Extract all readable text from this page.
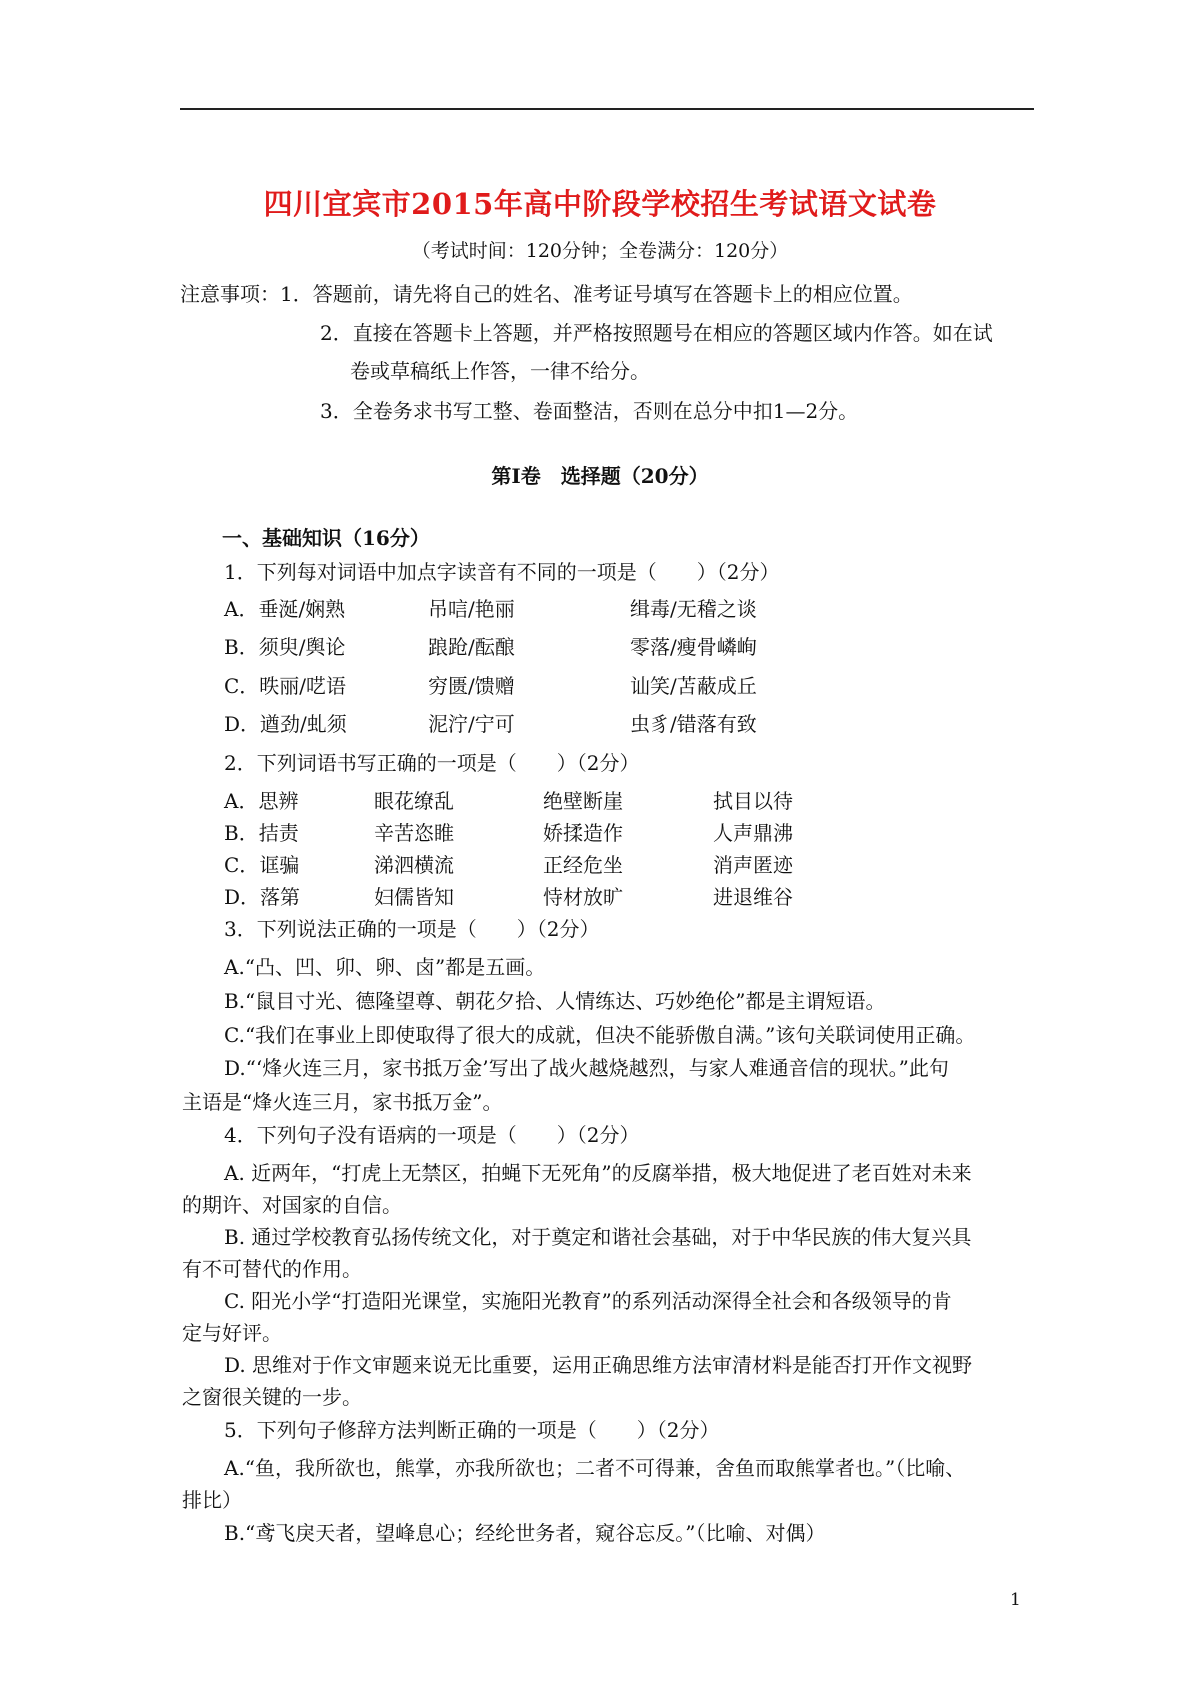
四川宜宾市2015年高中阶段学校招生考试语文试卷
（考试时间：120分钟；全卷满分：120分）
注意事项：1．答题前，请先将自己的姓名、准考证号填写在答题卡上的相应位置。
2．直接在答题卡上答题，并严格按照题号在相应的答题区域内作答。如在试
卷或草稿纸上作答，一律不给分。
3．全卷务求书写工整、卷面整洁，否则在总分中扣1—2分。
第Ⅰ卷　选择题（20分）
一、基础知识（16分）
1．下列每对词语中加点字读音有不同的一项是（　　）（2分）
A．垂涎/娴熟	吊唁/艳丽	缉毒/无稽之谈
B．须臾/舆论	踉跄/酝酿	零落/瘦骨嶙峋
C．昳丽/呓语	穷匮/馈赠	讪笑/苫蔽成丘
D．遒劲/虬须	泥泞/宁可	虫豸/错落有致
2．下列词语书写正确的一项是（　　）（2分）
A．思辨	眼花缭乱	绝壁断崖	拭目以待
B．拮责	辛苦恣睢	娇揉造作	人声鼎沸
C．诓骗	涕泗横流	正经危坐	消声匿迹
D．落第	妇儒皆知	恃材放旷	进退维谷
3．下列说法正确的一项是（　　）（2分）
A.“凸、凹、卯、卵、卤”都是五画。
B.“鼠目寸光、德隆望尊、朝花夕拾、人情练达、巧妙绝伦”都是主谓短语。
C.“我们在事业上即使取得了很大的成就，但决不能骄傲自满。”该句关联词使用正确。
D.“‘烽火连三月，家书抵万金’写出了战火越烧越烈，与家人难通音信的现状。”此句
主语是“烽火连三月，家书抵万金”。
4．下列句子没有语病的一项是（　　）（2分）
A. 近两年，“打虎上无禁区，拍蝇下无死角”的反腐举措，极大地促进了老百姓对未来
的期许、对国家的自信。
B. 通过学校教育弘扬传统文化，对于奠定和谐社会基础，对于中华民族的伟大复兴具
有不可替代的作用。
C. 阳光小学“打造阳光课堂，实施阳光教育”的系列活动深得全社会和各级领导的肯
定与好评。
D. 思维对于作文审题来说无比重要，运用正确思维方法审清材料是能否打开作文视野
之窗很关键的一步。
5．下列句子修辞方法判断正确的一项是（　　）（2分）
A.“鱼，我所欲也，熊掌，亦我所欲也；二者不可得兼，舍鱼而取熊掌者也。”（比喻、
排比）
B.“鸢飞戾天者，望峰息心；经纶世务者，窥谷忘反。”（比喻、对偶）
1
